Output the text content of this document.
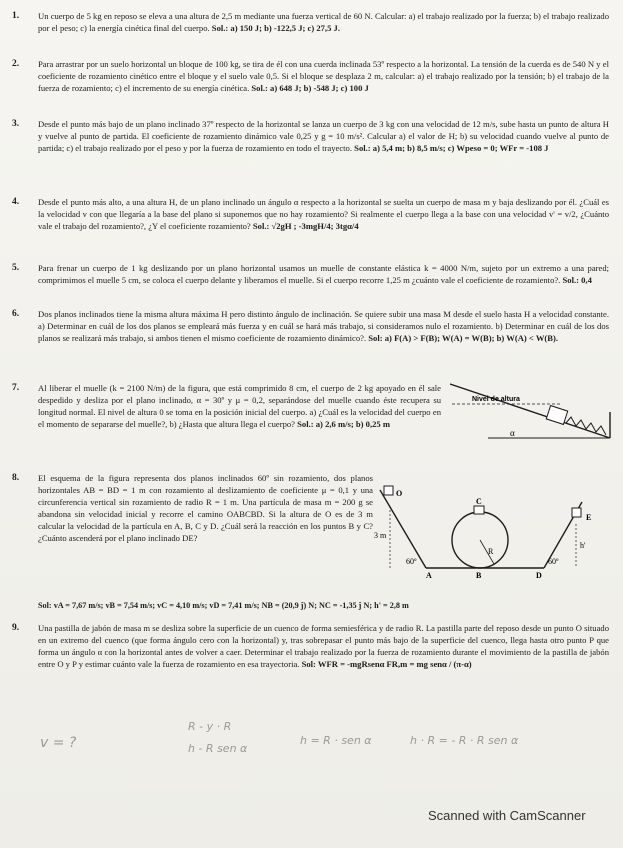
1. Un cuerpo de 5 kg en reposo se eleva a una altura de 2,5 m mediante una fuerza vertical de 60 N. Calcular: a) el trabajo realizado por la fuerza; b) el trabajo realizado por el peso; c) la energía cinética final del cuerpo. Sol.: a) 150 J; b) -122,5 J; c) 27,5 J.
2. Para arrastrar por un suelo horizontal un bloque de 100 kg, se tira de él con una cuerda inclinada 53º respecto a la horizontal. La tensión de la cuerda es de 540 N y el coeficiente de rozamiento cinético entre el bloque y el suelo vale 0,5. Si el bloque se desplaza 2 m, calcular: a) el trabajo realizado por la tensión; b) el trabajo de la fuerza de rozamiento; c) el incremento de su energía cinética. Sol.: a) 648 J; b) -548 J; c) 100 J
3. Desde el punto más bajo de un plano inclinado 37º respecto de la horizontal se lanza un cuerpo de 3 kg con una velocidad de 12 m/s, sube hasta un punto de altura H y vuelve al punto de partida. El coeficiente de rozamiento dinámico vale 0,25 y g = 10 m/s². Calcular a) el valor de H; b) su velocidad cuando vuelve al punto de partida; c) el trabajo realizado por el peso y por la fuerza de rozamiento en todo el trayecto. Sol.: a) 5,4 m; b) 8,5 m/s; c) Wpeso = 0; WFr = -108 J
4. Desde el punto más alto, a una altura H, de un plano inclinado un ángulo α respecto a la horizontal se suelta un cuerpo de masa m y baja deslizando por él. ¿Cuál es la velocidad v con que llegaría a la base del plano si suponemos que no hay rozamiento? Si realmente el cuerpo llega a la base con una velocidad v' = v/2, ¿Cuánto vale el trabajo del rozamiento?, ¿Y el coeficiente rozamiento? Sol.: √2gH ; -3mgH/4; 3tgα/4
5. Para frenar un cuerpo de 1 kg deslizando por un plano horizontal usamos un muelle de constante elástica k = 4000 N/m, sujeto por un extremo a una pared; comprimimos el muelle 5 cm, se coloca el cuerpo delante y liberamos el muelle. Si el cuerpo recorre 1,25 m ¿cuánto vale el coeficiente de rozamiento?. Sol.: 0,4
6. Dos planos inclinados tiene la misma altura máxima H pero distinto ángulo de inclinación. Se quiere subir una masa M desde el suelo hasta H a velocidad constante. a) Determinar en cuál de los dos planos se empleará más fuerza y en cuál se hará más trabajo, si consideramos nulo el rozamiento. b) Determinar en cuál de los dos planos se realizará más trabajo, si ambos tienen el mismo coeficiente de rozamiento dinámico?. Sol: a) F(A) > F(B); W(A) = W(B); b) W(A) < W(B).
7. Al liberar el muelle (k = 2100 N/m) de la figura, que está comprimido 8 cm, el cuerpo de 2 kg apoyado en él sale despedido y desliza por el plano inclinado, α = 30º y μ = 0,2, separándose del muelle cuando éste recupera su longitud normal. El nivel de altura 0 se toma en la posición inicial del cuerpo. a) ¿Cuál es la velocidad del cuerpo en el momento de separarse del muelle?, b) ¿Hasta que altura llega el cuerpo? Sol.: a) 2,6 m/s; b) 0,25 m
Nivel de altura
α
8. El esquema de la figura representa dos planos inclinados 60º sin rozamiento, dos planos horizontales AB = BD = 1 m con rozamiento al deslizamiento de coeficiente μ = 0,1 y una circunferencia vertical sin rozamiento de radio R = 1 m. Una partícula de masa m = 200 g se abandona sin velocidad inicial y recorre el camino OABCBD. Si la altura de O es de 3 m calcular la velocidad de la partícula en A, B, C y D. ¿Cuál será la reacción en los puntos B y C? ¿Cuánto ascenderá por el plano inclinado DE?
Sol: vA = 7,67 m/s; vB = 7,54 m/s; vC = 4,10 m/s; vD = 7,41 m/s; NB = (20,9 ĵ) N; NC = -1,35 ĵ N; h' = 2,8 m
O
A	B
C
D
E
3 m
60º	60º
h'
R
9. Una pastilla de jabón de masa m se desliza sobre la superficie de un cuenco de forma semiesférica y de radio R. La pastilla parte del reposo desde un punto O situado en un extremo del cuenco (que forma ángulo cero con la horizontal) y, tras sobrepasar el punto más bajo de la superficie del cuenco, llega hasta otro punto P que forma un ángulo α con la horizontal antes de volver a caer. Determinar el trabajo realizado por la fuerza de rozamiento durante el movimiento de la pastilla de jabón entre O y P y estimar cuánto vale la fuerza de rozamiento en esa trayectoria. Sol: WFR = -mgRsenα FR,m = mg senα / (π-α)
v = ?
R - y · R
h - R sen α
h = R · sen α	h · R = - R · R sen α
Scanned with CamScanner
